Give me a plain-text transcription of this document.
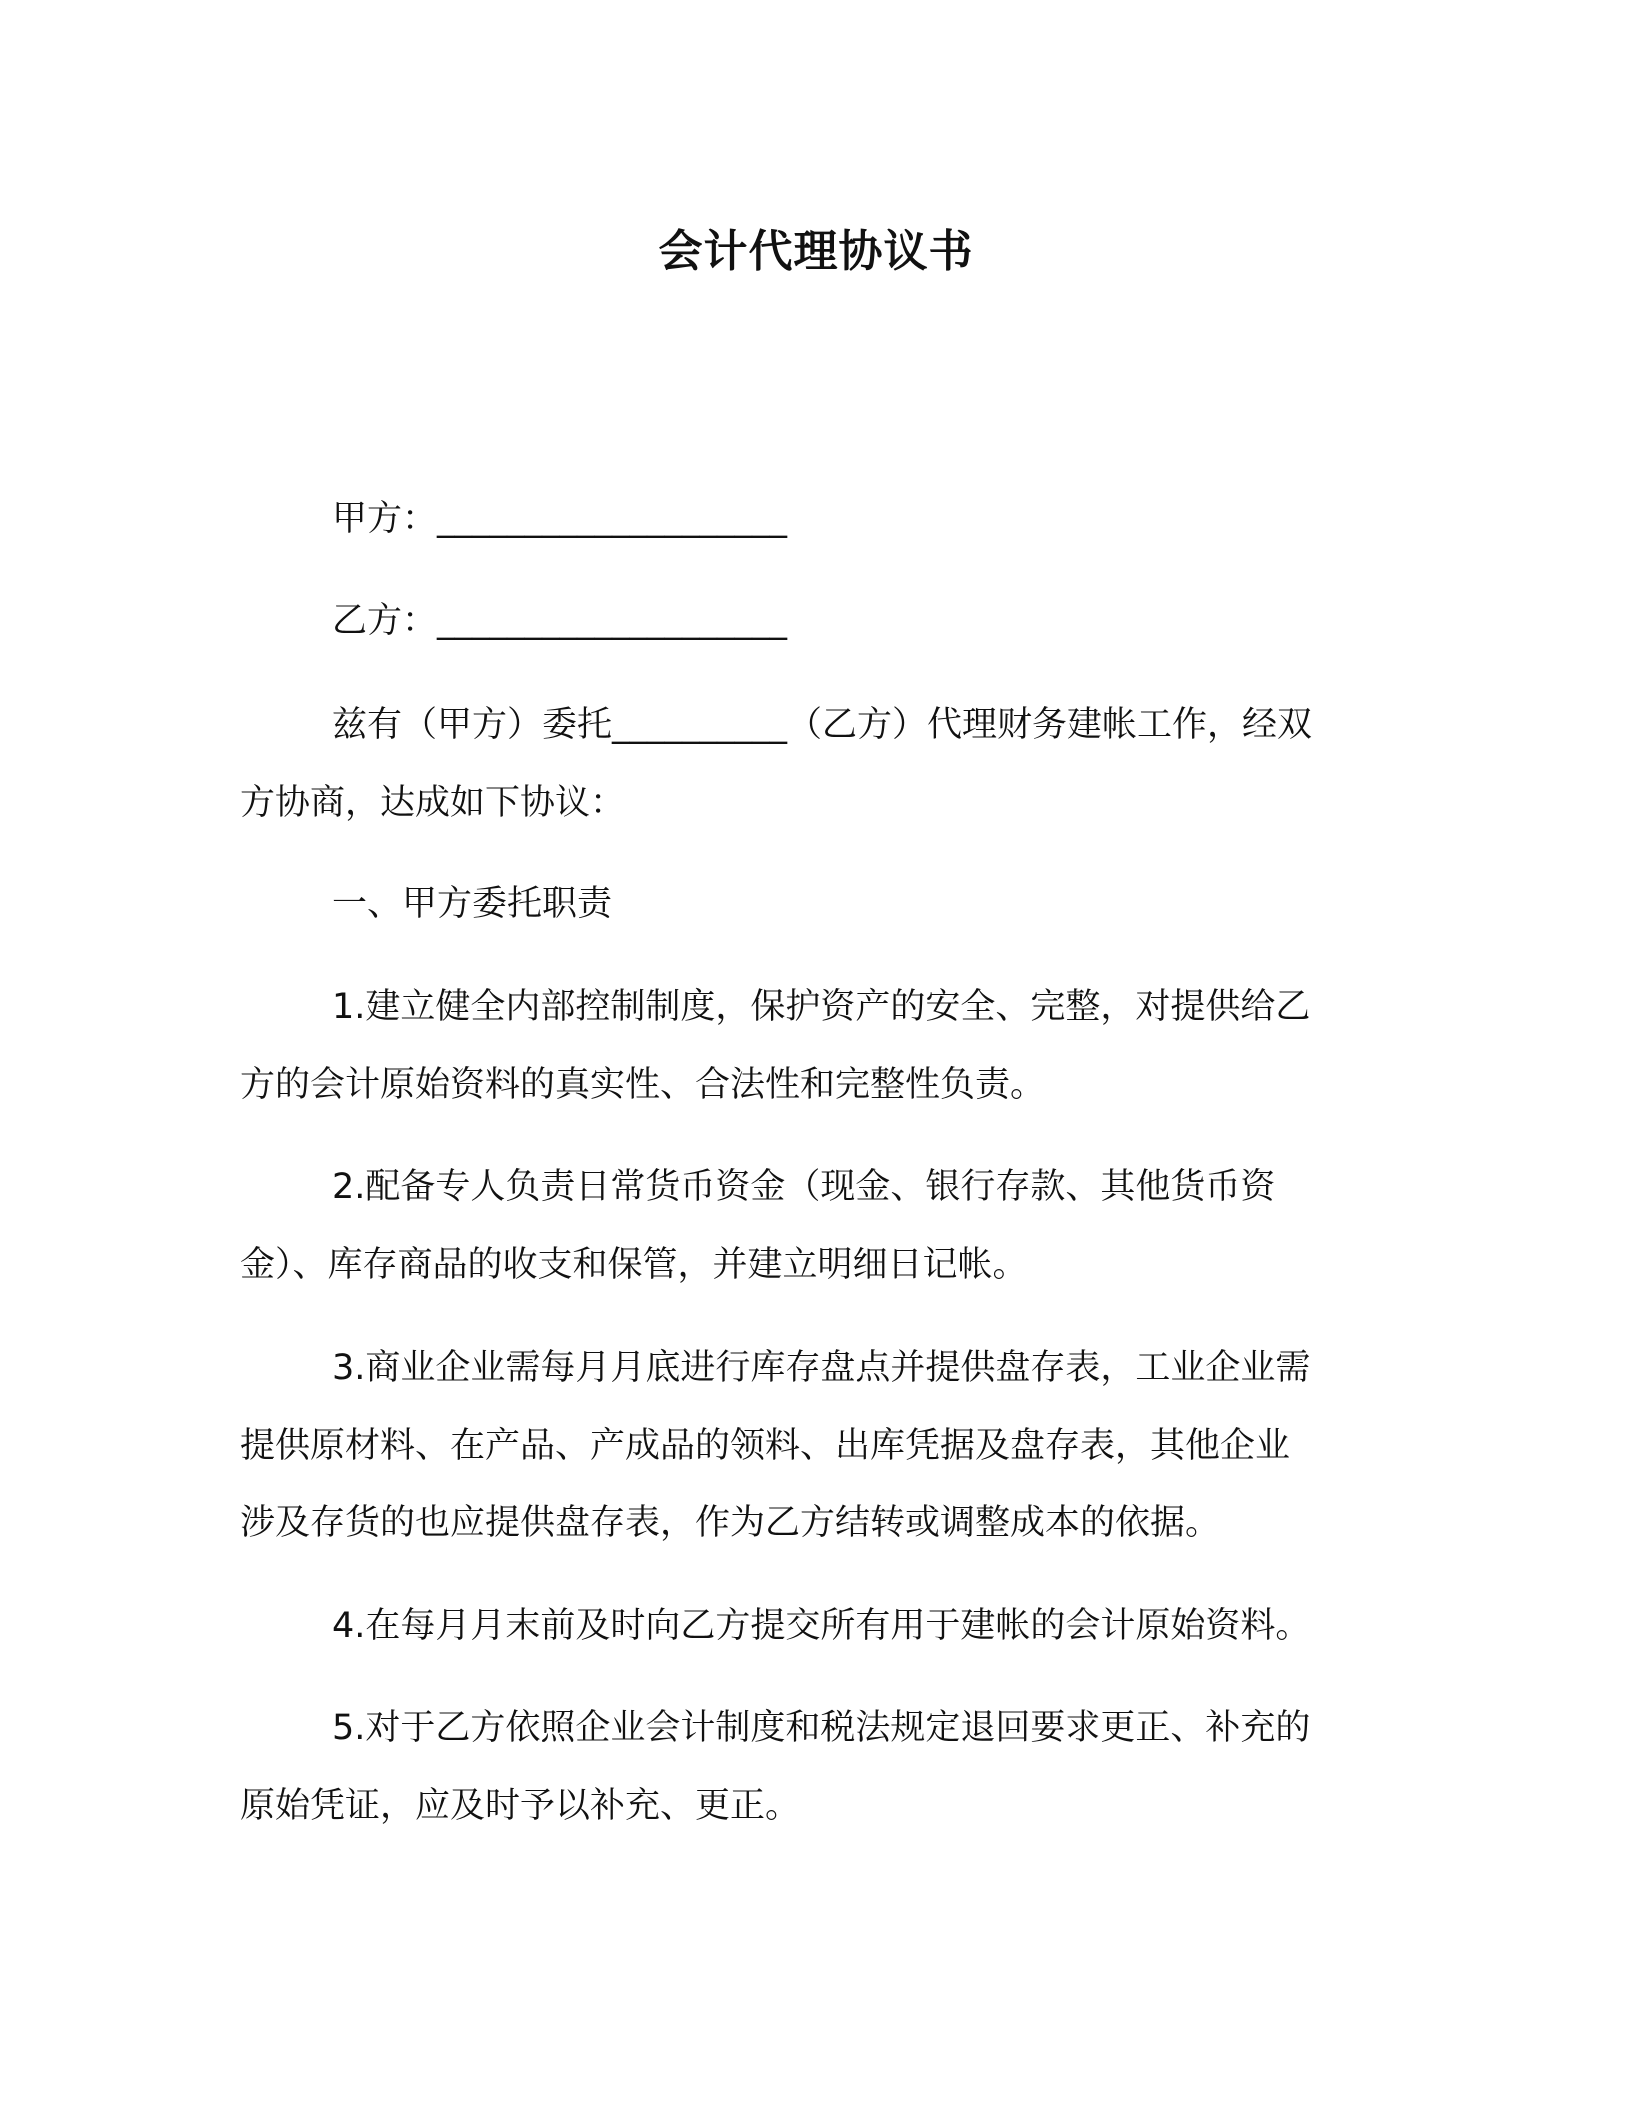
会计代理协议书
甲方：____________________
乙方：____________________
兹有（甲方）委托__________（乙方）代理财务建帐工作，经双
方协商，达成如下协议：
一、甲方委托职责
1.建立健全内部控制制度，保护资产的安全、完整，对提供给乙
方的会计原始资料的真实性、合法性和完整性负责。
2.配备专人负责日常货币资金（现金、银行存款、其他货币资
金）、库存商品的收支和保管，并建立明细日记帐。
3.商业企业需每月月底进行库存盘点并提供盘存表，工业企业需
提供原材料、在产品、产成品的领料、出库凭据及盘存表，其他企业
涉及存货的也应提供盘存表，作为乙方结转或调整成本的依据。
4.在每月月末前及时向乙方提交所有用于建帐的会计原始资料。
5.对于乙方依照企业会计制度和税法规定退回要求更正、补充的
原始凭证，应及时予以补充、更正。
